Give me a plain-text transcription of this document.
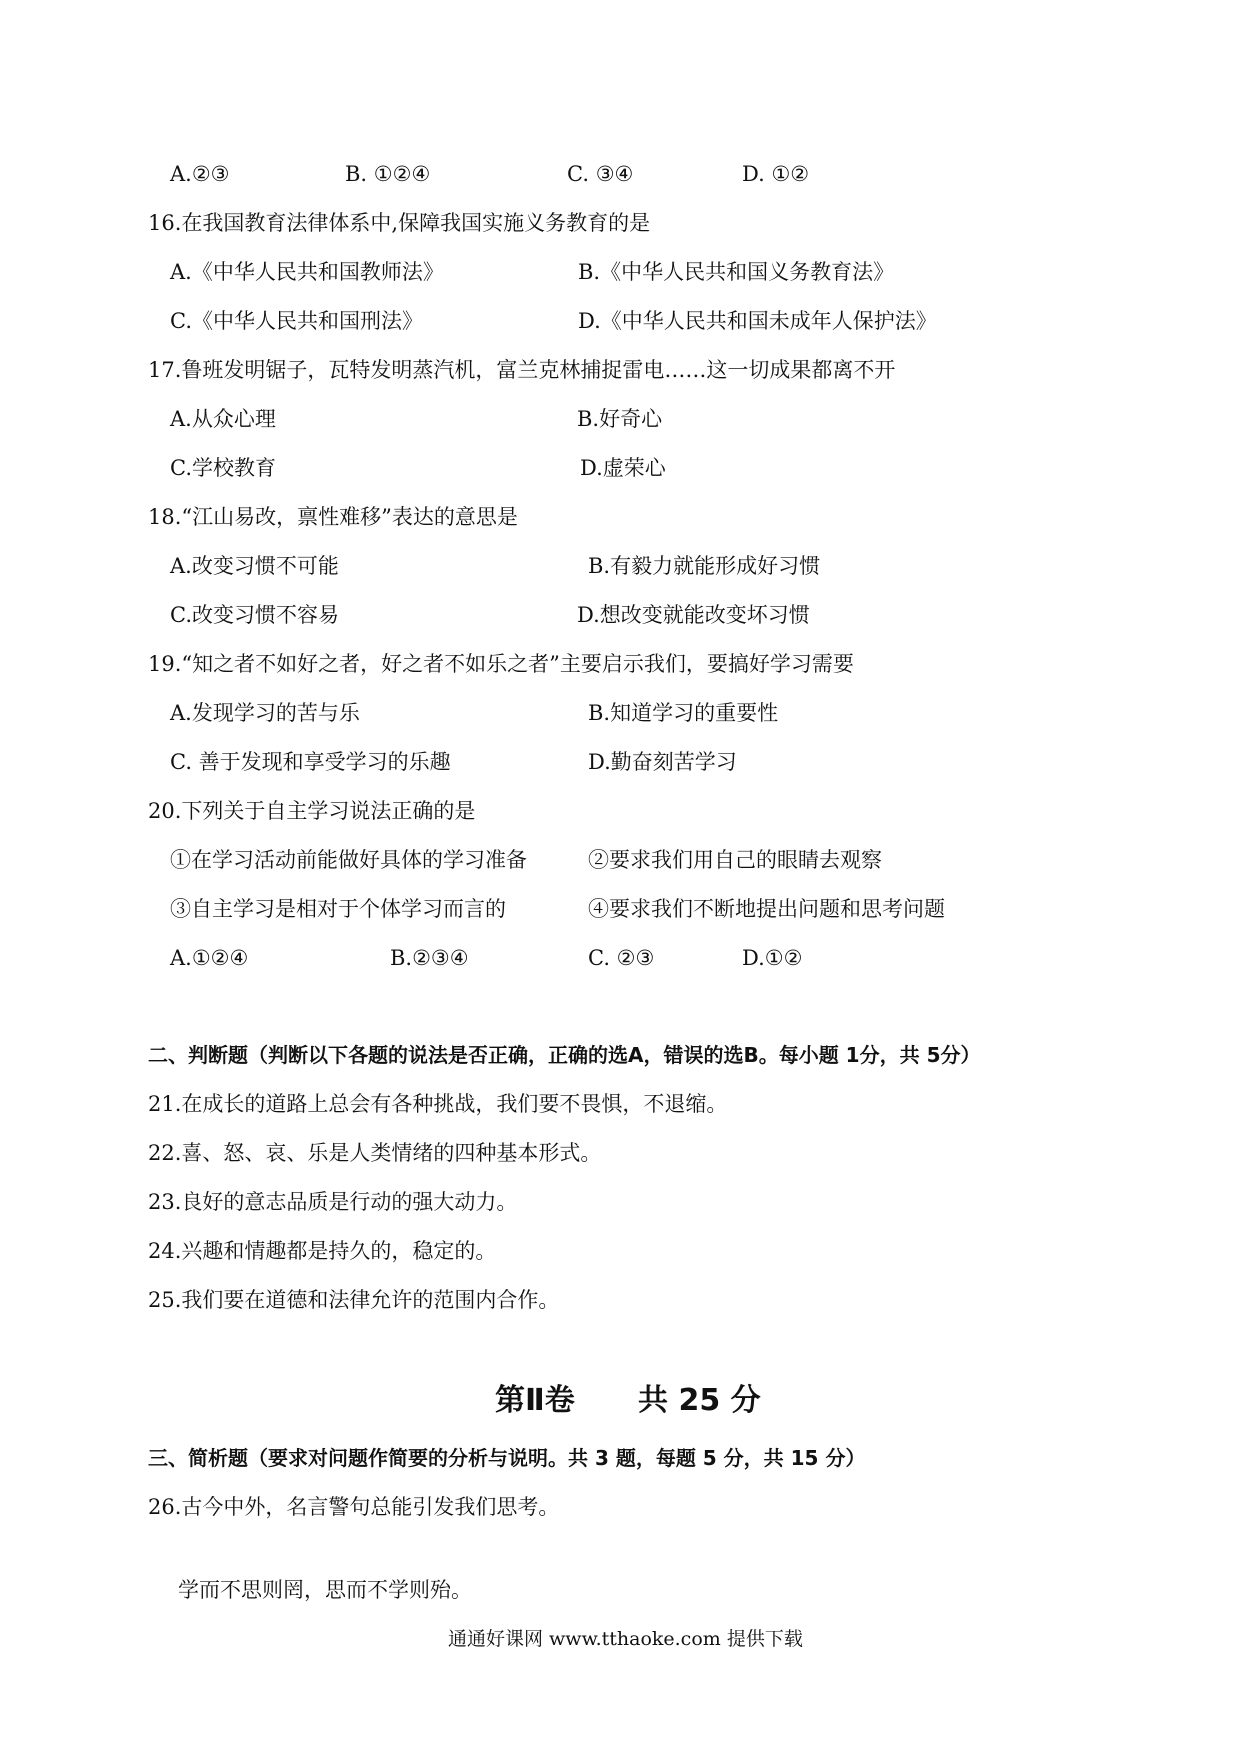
A.②③	B. ①②④	C. ③④	D. ①②
16.在我国教育法律体系中,保障我国实施义务教育的是
A.《中华人民共和国教师法》	B.《中华人民共和国义务教育法》
C.《中华人民共和国刑法》	D.《中华人民共和国未成年人保护法》
17.鲁班发明锯子，瓦特发明蒸汽机，富兰克林捕捉雷电……这一切成果都离不开
A.从众心理	B.好奇心
C.学校教育	D.虚荣心
18.“江山易改，禀性难移”表达的意思是
A.改变习惯不可能	B.有毅力就能形成好习惯
C.改变习惯不容易	D.想改变就能改变坏习惯
19.“知之者不如好之者，好之者不如乐之者”主要启示我们，要搞好学习需要
A.发现学习的苦与乐	B.知道学习的重要性
C. 善于发现和享受学习的乐趣	D.勤奋刻苦学习
20.下列关于自主学习说法正确的是
①在学习活动前能做好具体的学习准备	②要求我们用自己的眼睛去观察
③自主学习是相对于个体学习而言的	④要求我们不断地提出问题和思考问题
A.①②④	B.②③④	C. ②③	D.①②
二、判断题（判断以下各题的说法是否正确，正确的选A，错误的选B。每小题 1分，共 5分）
21.在成长的道路上总会有各种挑战，我们要不畏惧，不退缩。
22.喜、怒、哀、乐是人类情绪的四种基本形式。
23.良好的意志品质是行动的强大动力。
24.兴趣和情趣都是持久的，稳定的。
25.我们要在道德和法律允许的范围内合作。
第Ⅱ卷 共 25 分
三、简析题（要求对问题作简要的分析与说明。共 3 题，每题 5 分，共 15 分）
26.古今中外，名言警句总能引发我们思考。
学而不思则罔，思而不学则殆。
通通好课网 www.tthaoke.com 提供下载
